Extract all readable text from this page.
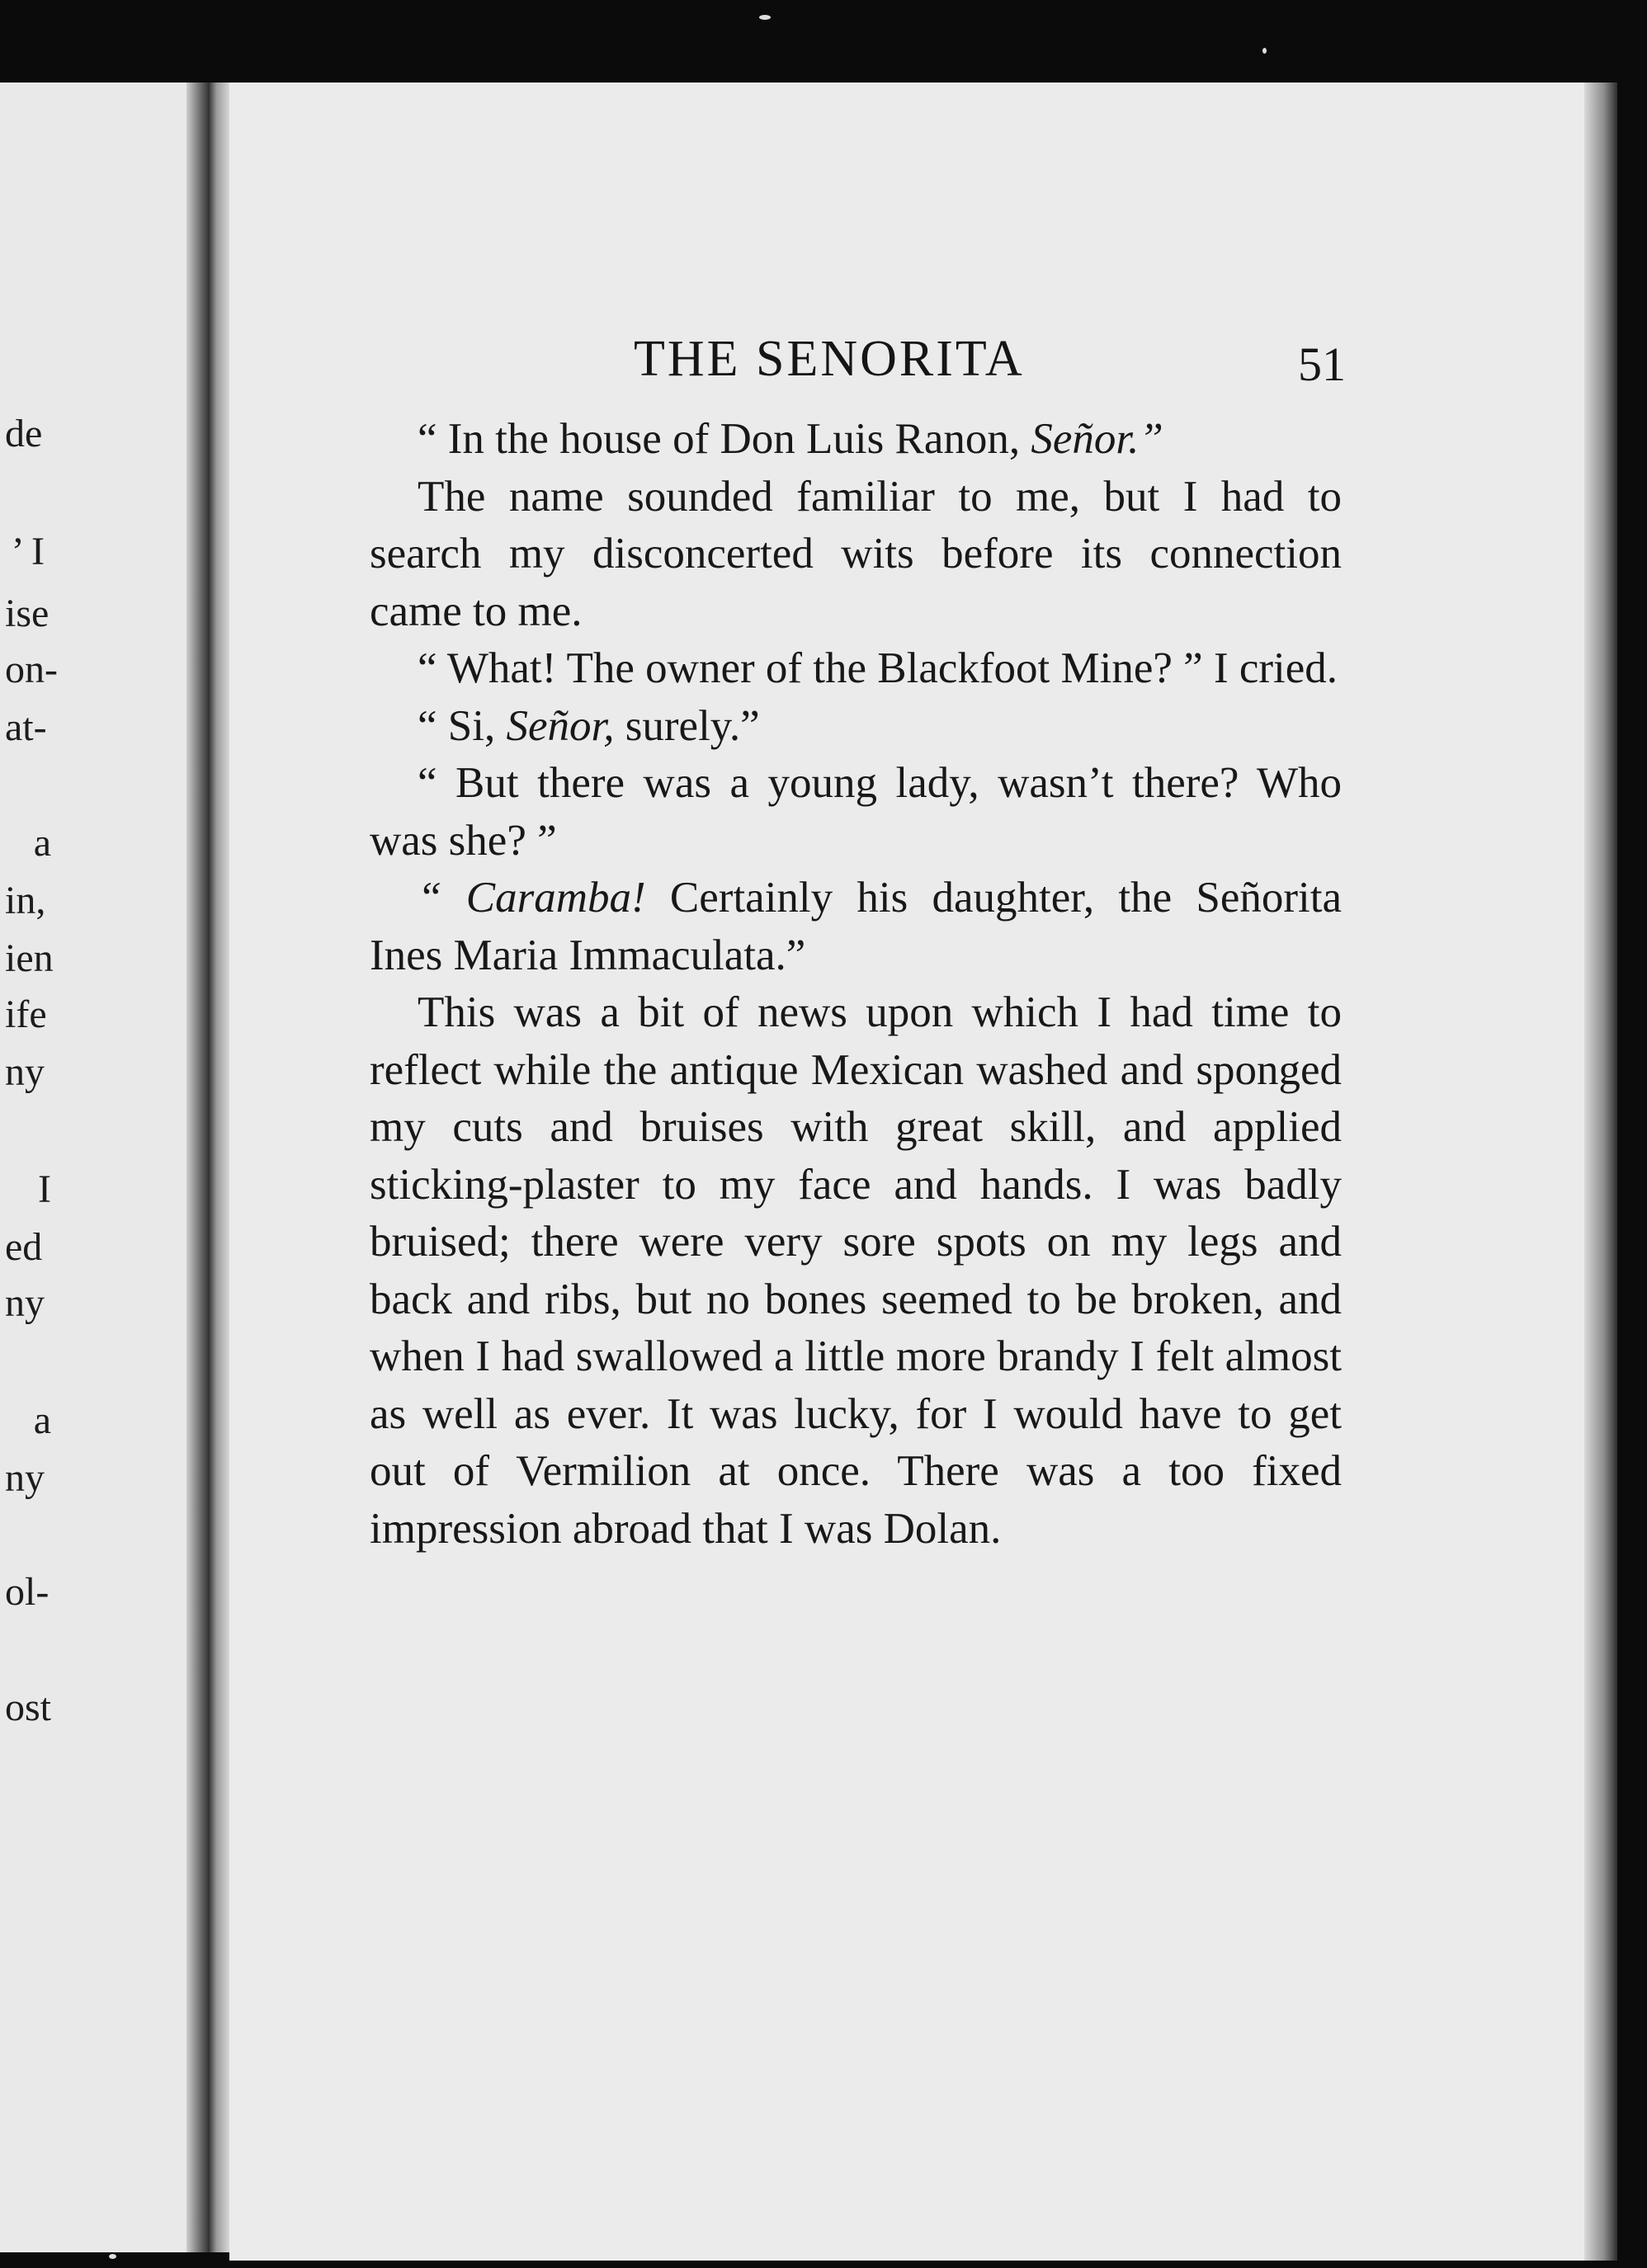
de

’ I

ise

on-

at-

a

in,

ien

ife

ny

I

ed

ny

a

ny

ol-

ost

THE SENORITA	51

“ In the house of Don Luis Ranon, Señor.”

The name sounded familiar to me, but I had to search my disconcerted wits before its connection came to me.

“ What! The owner of the Blackfoot Mine? ” I cried.

“ Si, Señor, surely.”

“ But there was a young lady, wasn’t there? Who was she? ”

“ Caramba! Certainly his daughter, the Señorita Ines Maria Immaculata.”

This was a bit of news upon which I had time to reflect while the antique Mexican washed and sponged my cuts and bruises with great skill, and applied sticking-plaster to my face and hands. I was badly bruised; there were very sore spots on my legs and back and ribs, but no bones seemed to be broken, and when I had swallowed a little more brandy I felt almost as well as ever. It was lucky, for I would have to get out of Vermilion at once. There was a too fixed impression abroad that I was Dolan.
